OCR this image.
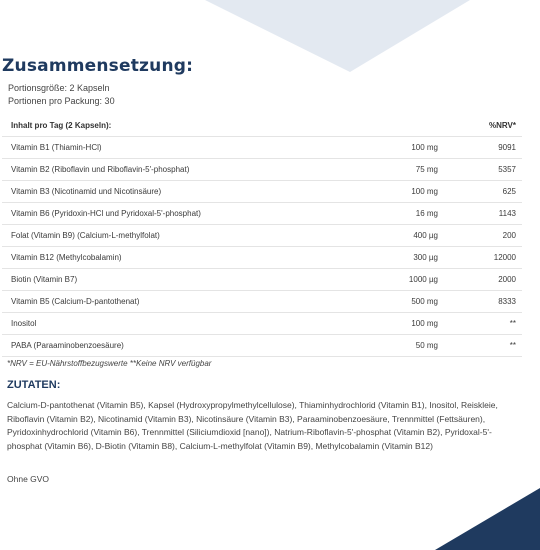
Zusammensetzung:
Portionsgröße: 2 Kapseln
Portionen pro Packung: 30
Inhalt pro Tag (2 Kapseln):		%NRV*
Vitamin B1 (Thiamin-HCl)	100 mg	9091
Vitamin B2 (Riboflavin und Riboflavin-5'-phosphat)	75 mg	5357
Vitamin B3 (Nicotinamid und Nicotinsäure)	100 mg	625
Vitamin B6 (Pyridoxin-HCl und Pyridoxal-5'-phosphat)	16 mg	1143
Folat (Vitamin B9) (Calcium-L-methylfolat)	400 µg	200
Vitamin B12 (Methylcobalamin)	300 µg	12000
Biotin (Vitamin B7)	1000 µg	2000
Vitamin B5 (Calcium-D-pantothenat)	500 mg	8333
Inositol	100 mg	**
PABA (Paraaminobenzoesäure)	50 mg	**
*NRV = EU-Nährstoffbezugswerte **Keine NRV verfügbar
ZUTATEN:

Calcium-D-pantothenat (Vitamin B5), Kapsel (Hydroxypropylmethylcellulose), Thiaminhydrochlorid (Vitamin B1), Inositol, Reiskleie, Riboflavin (Vitamin B2), Nicotinamid (Vitamin B3), Nicotinsäure (Vitamin B3), Paraaminobenzoesäure, Trennmittel (Fettsäuren), Pyridoxinhydrochlorid (Vitamin B6), Trennmittel (Siliciumdioxid [nano]), Natrium-Riboflavin-5'-phosphat (Vitamin B2), Pyridoxal-5'-phosphat (Vitamin B6), D-Biotin (Vitamin B8), Calcium-L-methylfolat (Vitamin B9), Methylcobalamin (Vitamin B12)

Ohne GVO
